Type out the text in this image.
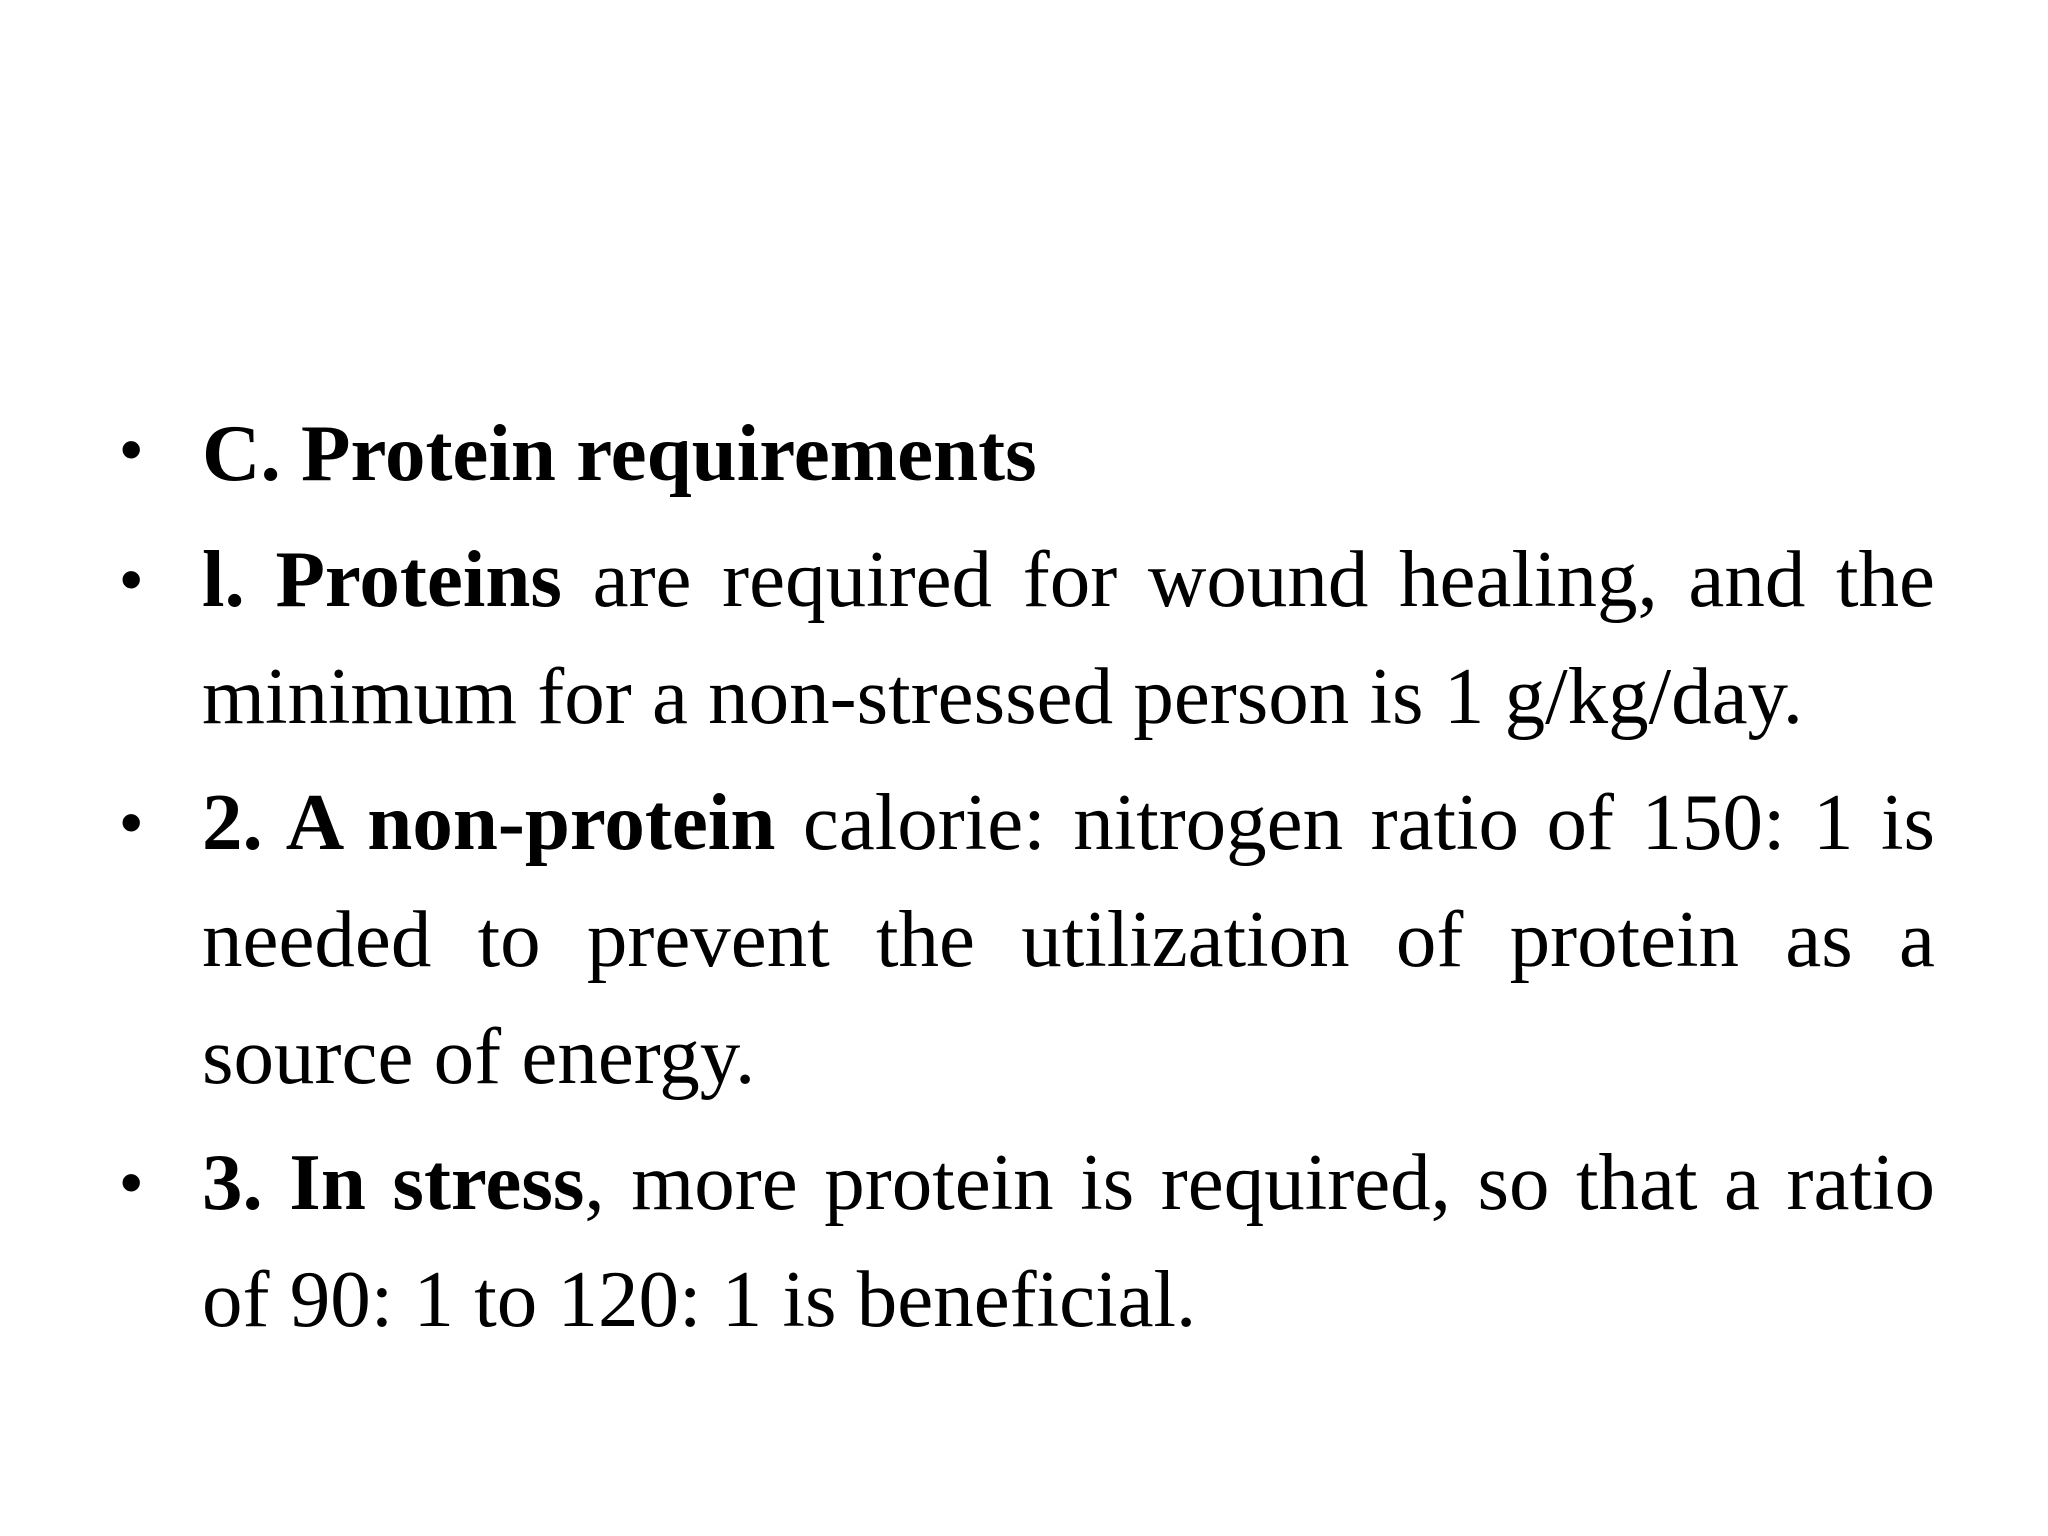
• C. Protein requirements
• l. Proteins are required for wound healing, and the minimum for a non-stressed person is 1 g/kg/day.
• 2. A non-protein calorie: nitrogen ratio of 150: 1 is needed to prevent the utilization of protein as a source of energy.
• 3. In stress, more protein is required, so that a ratio of 90: 1 to 120: 1 is beneficial.
